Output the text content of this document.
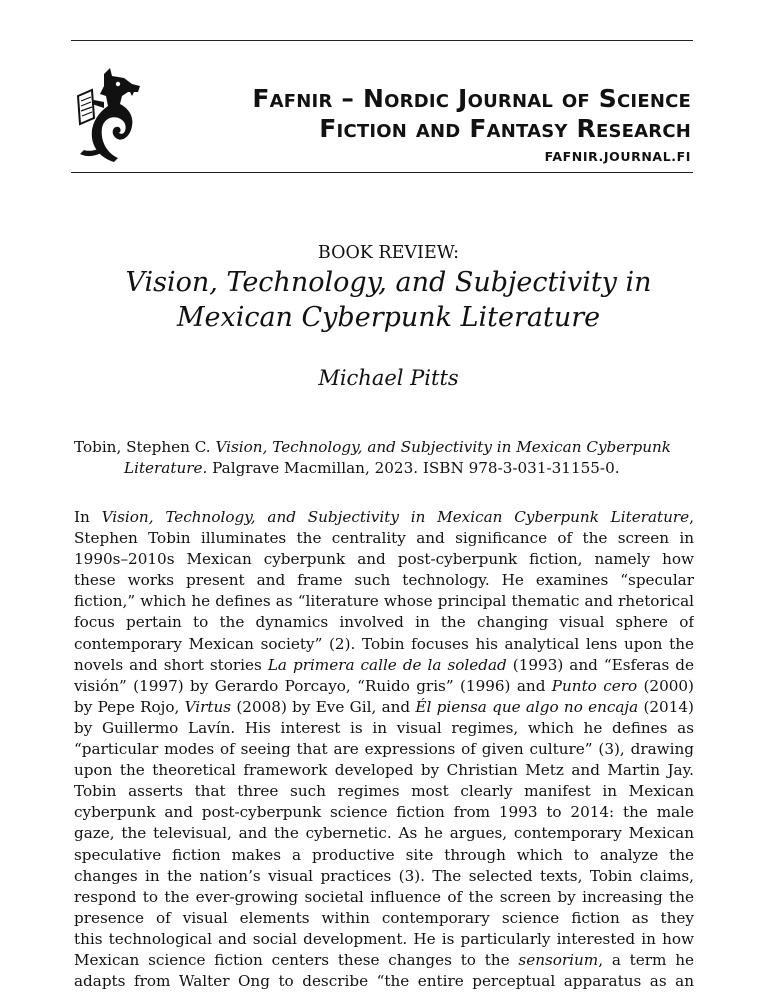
Fafnir – Nordic Journal of Science
Fiction and Fantasy Research
FAFNIR.JOURNAL.FI
BOOK REVIEW:
Vision, Technology, and Subjectivity in
Mexican Cyberpunk Literature
Michael Pitts
Tobin, Stephen C. Vision, Technology, and Subjectivity in Mexican Cyberpunk
Literature. Palgrave Macmillan, 2023. ISBN 978-3-031-31155-0.
In Vision, Technology, and Subjectivity in Mexican Cyberpunk Literature,
Stephen Tobin illuminates the centrality and significance of the screen in
1990s–2010s Mexican cyberpunk and post-cyberpunk fiction, namely how
these works present and frame such technology. He examines “specular
fiction,” which he defines as “literature whose principal thematic and rhetorical
focus pertain to the dynamics involved in the changing visual sphere of
contemporary Mexican society” (2). Tobin focuses his analytical lens upon the
novels and short stories La primera calle de la soledad (1993) and “Esferas de
visión” (1997) by Gerardo Porcayo, “Ruido gris” (1996) and Punto cero (2000)
by Pepe Rojo, Virtus (2008) by Eve Gil, and Él piensa que algo no encaja (2014)
by Guillermo Lavín. His interest is in visual regimes, which he defines as
“particular modes of seeing that are expressions of given culture” (3), drawing
upon the theoretical framework developed by Christian Metz and Martin Jay.
Tobin asserts that three such regimes most clearly manifest in Mexican
cyberpunk and post-cyberpunk science fiction from 1993 to 2014: the male
gaze, the televisual, and the cybernetic. As he argues, contemporary Mexican
speculative fiction makes a productive site through which to analyze the
changes in the nation’s visual practices (3). The selected texts, Tobin claims,
respond to the ever-growing societal influence of the screen by increasing the
presence of visual elements within contemporary science fiction as they
this technological and social development. He is particularly interested in how
Mexican science fiction centers these changes to the sensorium, a term he
adapts from Walter Ong to describe “the entire perceptual apparatus as an
